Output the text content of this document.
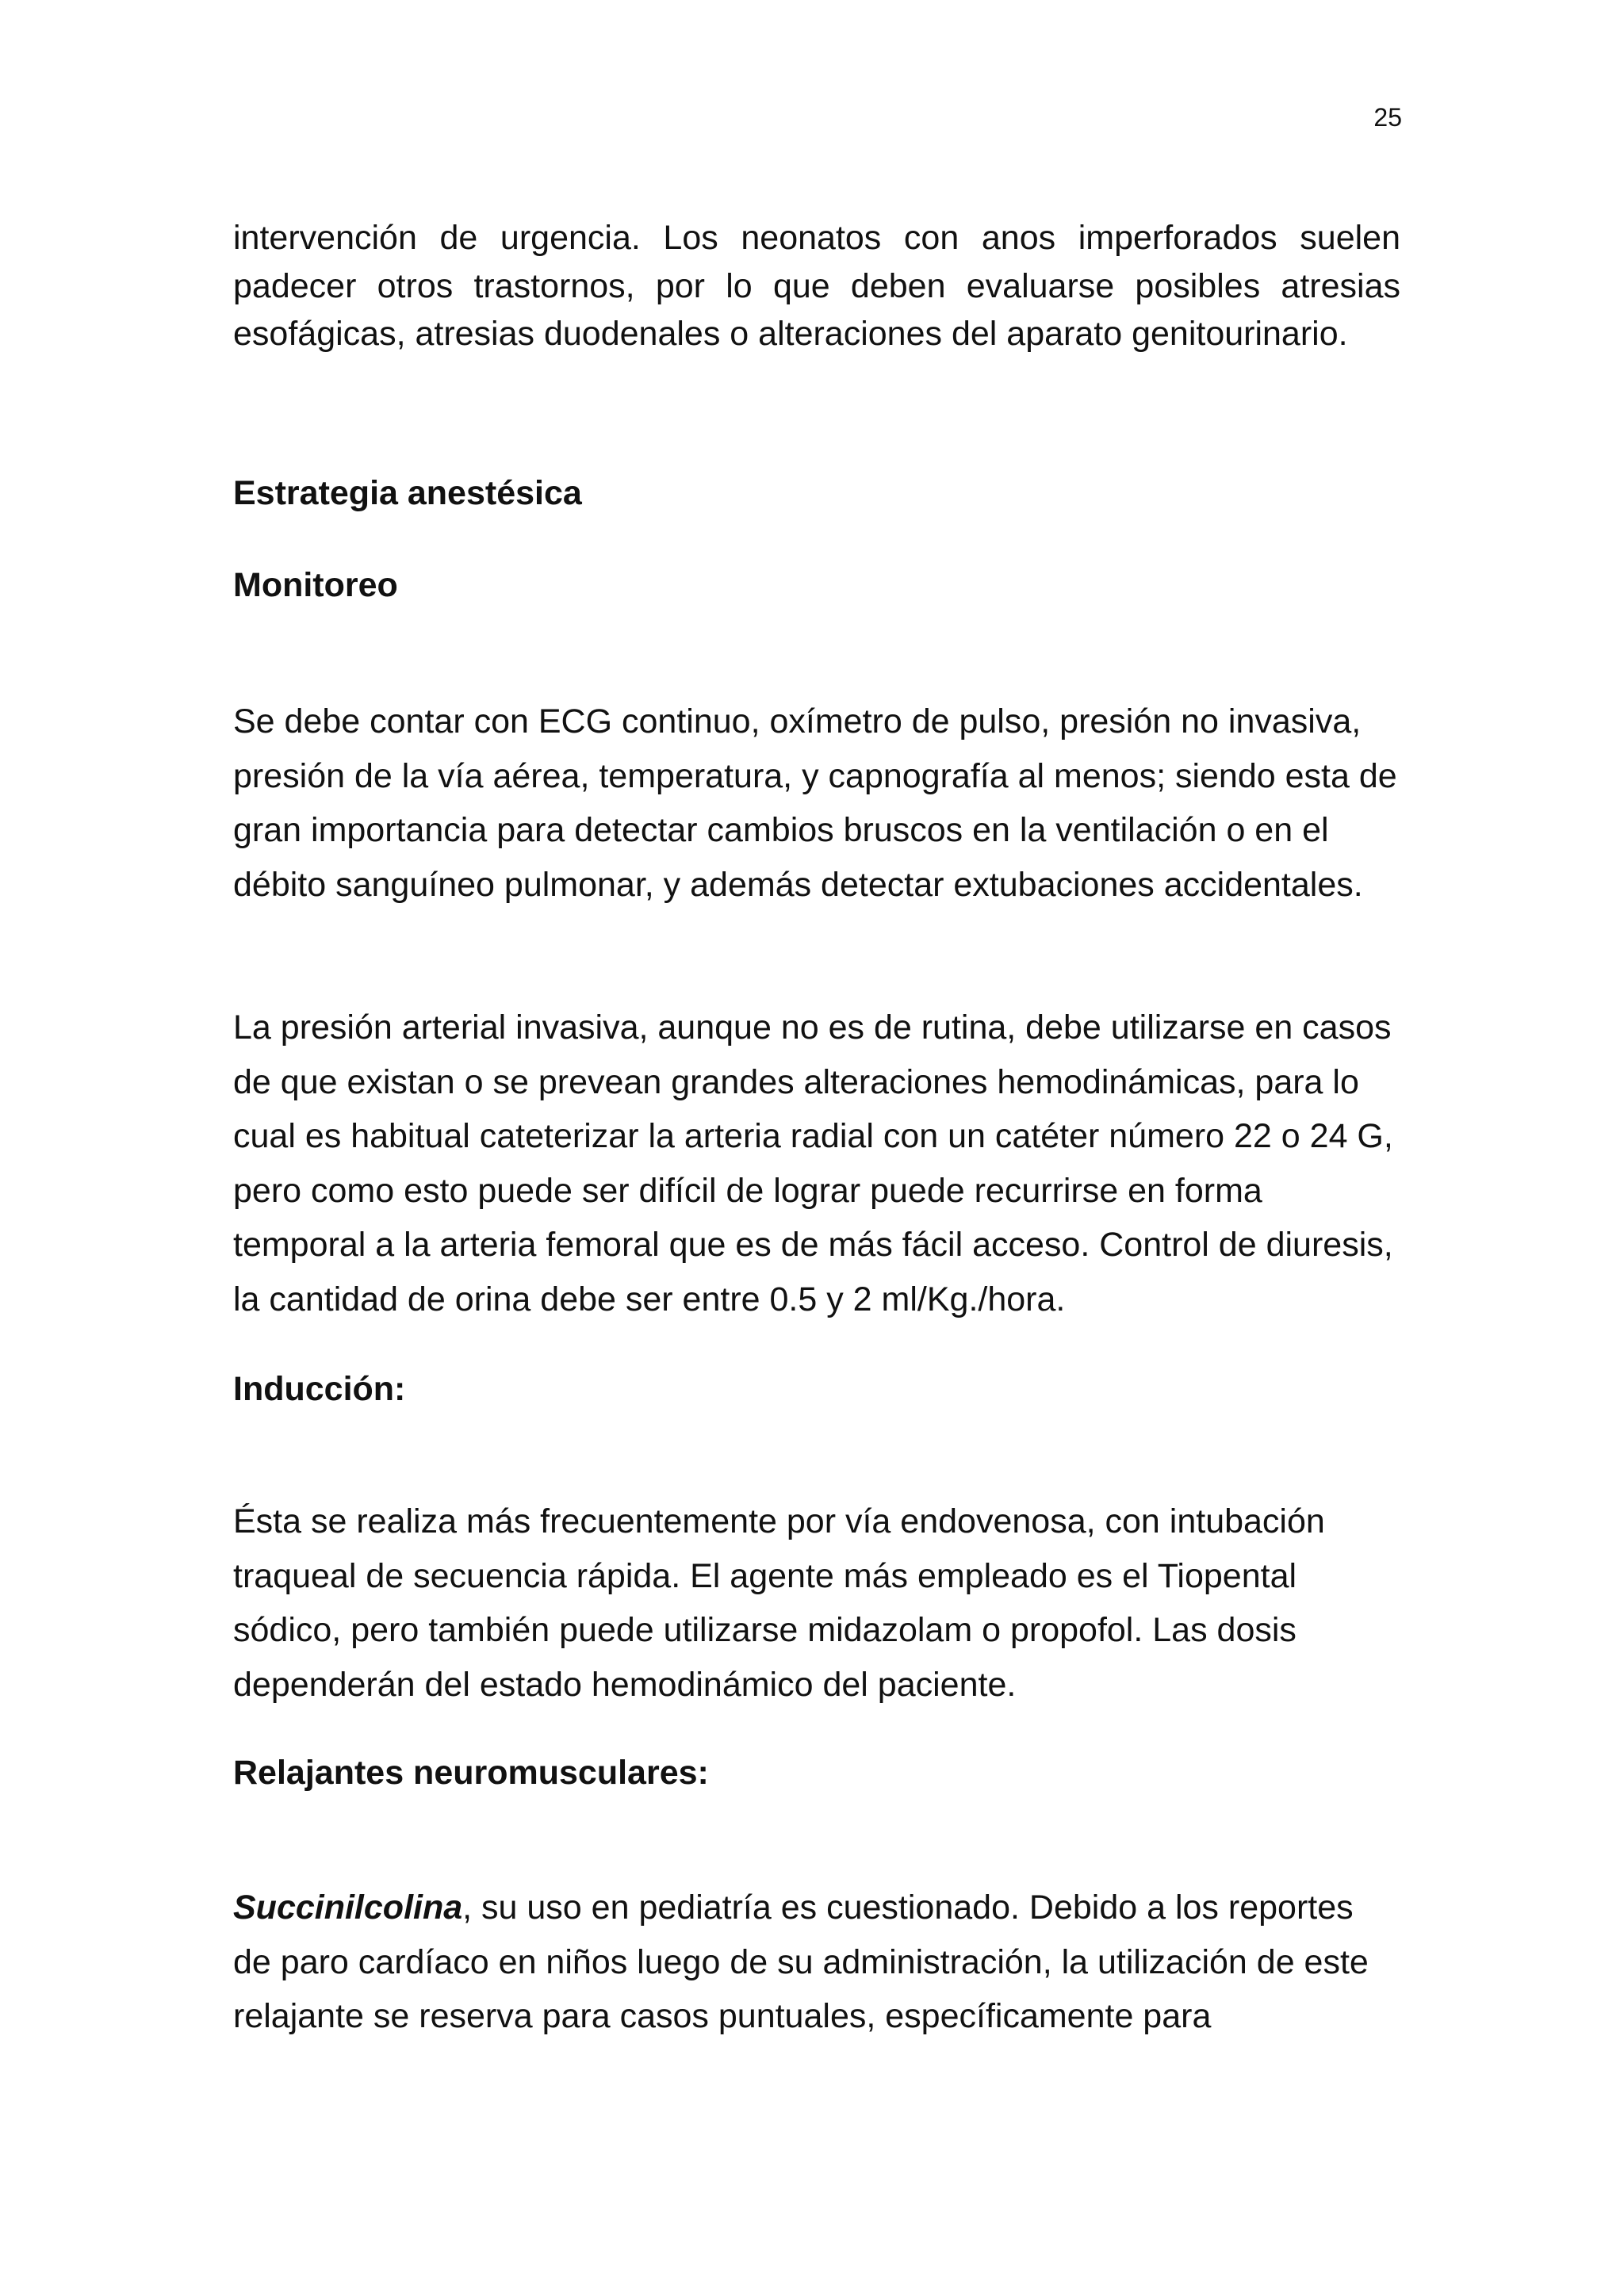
25

intervención de urgencia. Los neonatos con anos imperforados suelen padecer otros trastornos, por lo que deben evaluarse posibles atresias esofágicas, atresias duodenales o alteraciones del aparato genitourinario.

Estrategia anestésica
Monitoreo

Se debe contar con ECG continuo, oxímetro de pulso, presión no invasiva, presión de la vía aérea, temperatura, y capnografía al menos; siendo esta de gran importancia para detectar cambios bruscos en la ventilación o en el débito sanguíneo pulmonar, y además detectar extubaciones accidentales.

La presión arterial invasiva, aunque no es de rutina, debe utilizarse en casos de que existan o se prevean grandes alteraciones hemodinámicas, para lo cual es habitual cateterizar la arteria radial con un catéter número 22 o 24 G, pero como esto puede ser difícil de lograr puede recurrirse en forma temporal a la arteria femoral que es de más fácil acceso. Control de diuresis, la cantidad de orina debe ser entre 0.5 y 2 ml/Kg./hora.

Inducción:

Ésta se realiza más frecuentemente por vía endovenosa, con intubación traqueal de secuencia rápida. El agente más empleado es el Tiopental sódico, pero también puede utilizarse midazolam o propofol. Las dosis dependerán del estado hemodinámico del paciente.

Relajantes neuromusculares:

Succinilcolina, su uso en pediatría es cuestionado. Debido a los reportes de paro cardíaco en niños luego de su administración, la utilización de este relajante se reserva para casos puntuales, específicamente para
